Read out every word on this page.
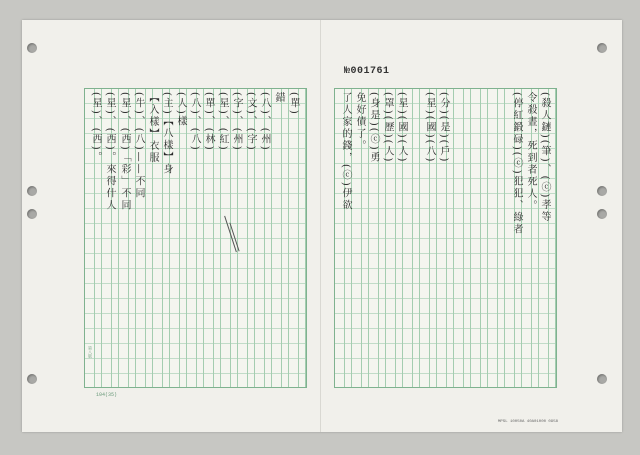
№001761
104(35)
MPSL 10050A 40A01000 0958
第八版
(星)、(西)。 (星)、(西)。來得什人 (星)、(西)「彩」不同 (牛)、(八)——不同 【入樣】衣服 (主)【八樣】身 (人)樣 (八)、(八) (單)、(林) (星)、(紅) (字)、(州) (文)、(字) (八)、(州) 錯 (單)	(殺人鏈)(筆)、(ⓒ)孝等
令殺晝，死到者死人。
(停紅鍛碌)(ⓒ)犯犯、綠者
了人家的錢，(ⓒ)伊欲 免好債了。 (身是)(ⓒ)勇 (罩)(歷)(人) (星)(國)(人) (星)(國)(八) (分)(是)(戶)
